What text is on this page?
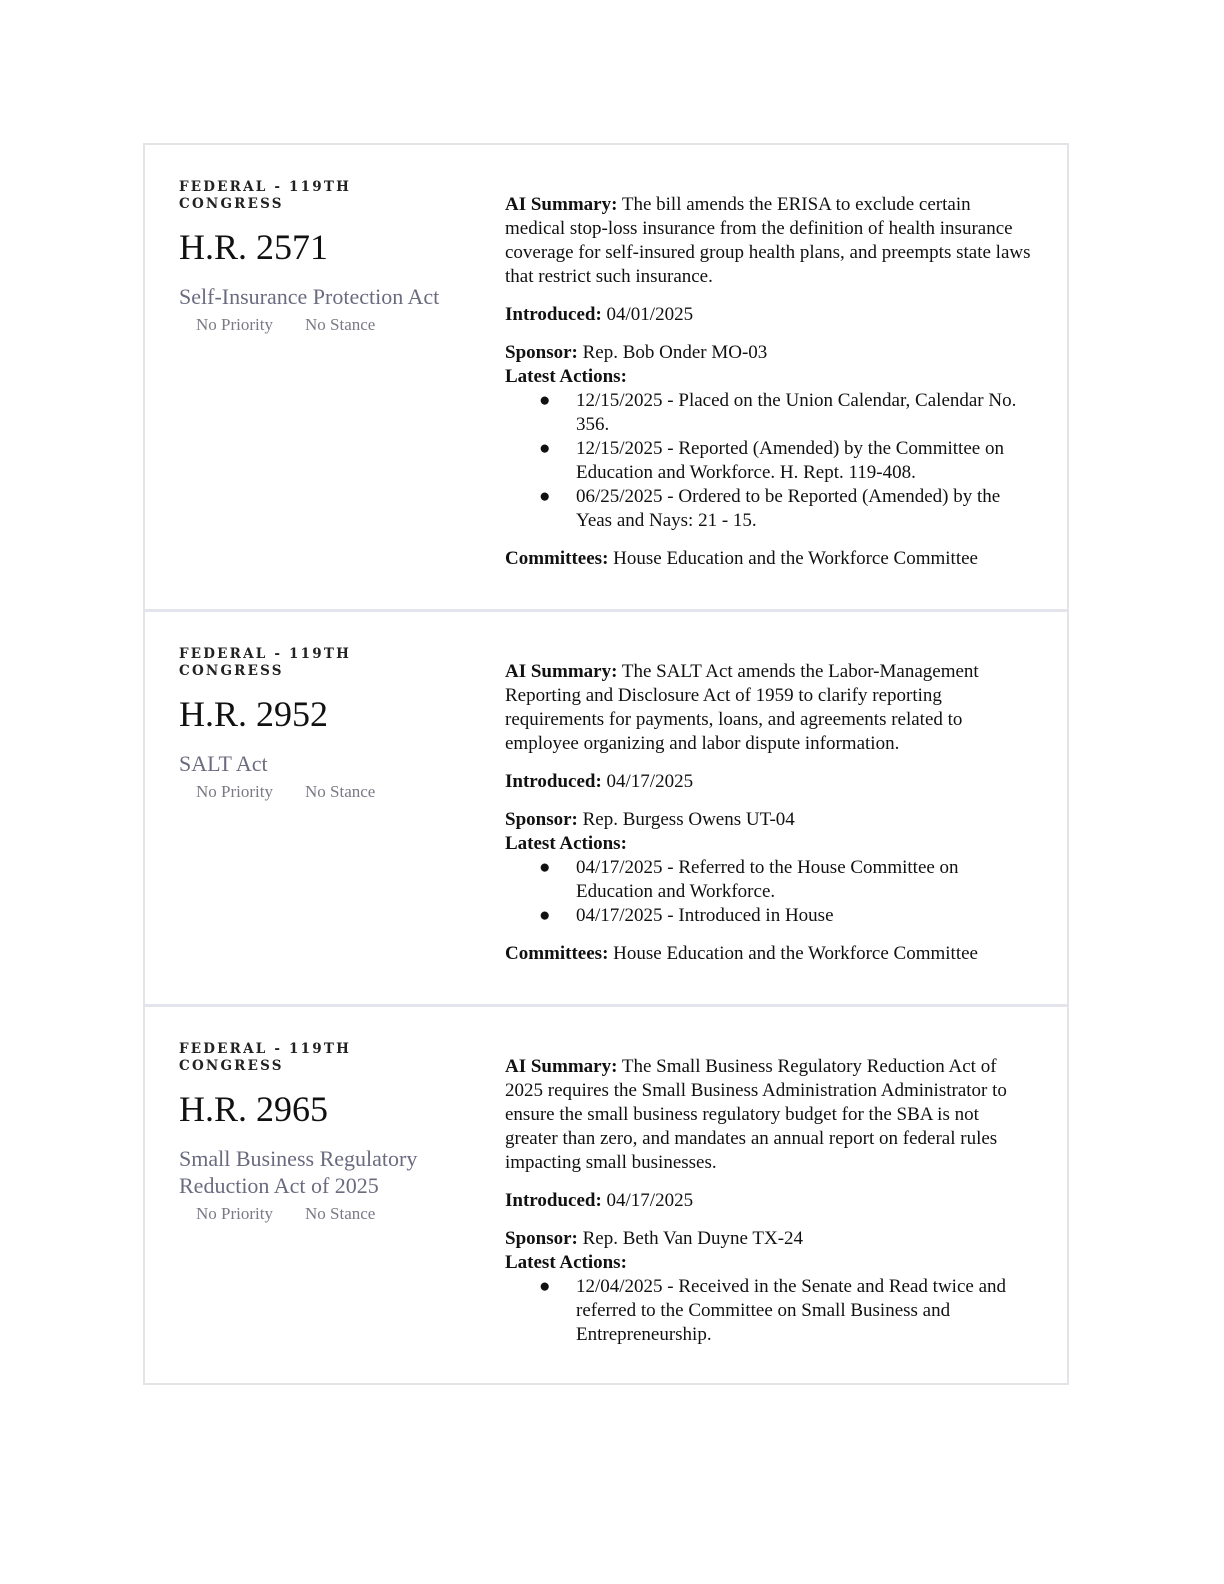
FEDERAL - 119TH CONGRESS
H.R. 2571
Self-Insurance Protection Act
No Priority No Stance

AI Summary: The bill amends the ERISA to exclude certain medical stop-loss insurance from the definition of health insurance coverage for self-insured group health plans, and preempts state laws that restrict such insurance.

Introduced: 04/01/2025

Sponsor: Rep. Bob Onder MO-03

Latest Actions:

● 12/15/2025 - Placed on the Union Calendar, Calendar No. 356.
● 12/15/2025 - Reported (Amended) by the Committee on Education and Workforce. H. Rept. 119-408.
● 06/25/2025 - Ordered to be Reported (Amended) by the Yeas and Nays: 21 - 15.

Committees: House Education and the Workforce Committee

FEDERAL - 119TH CONGRESS
H.R. 2952
SALT Act
No Priority No Stance

AI Summary: The SALT Act amends the Labor-Management Reporting and Disclosure Act of 1959 to clarify reporting requirements for payments, loans, and agreements related to employee organizing and labor dispute information.

Introduced: 04/17/2025

Sponsor: Rep. Burgess Owens UT-04

Latest Actions:

● 04/17/2025 - Referred to the House Committee on Education and Workforce.
● 04/17/2025 - Introduced in House

Committees: House Education and the Workforce Committee

FEDERAL - 119TH CONGRESS
H.R. 2965
Small Business Regulatory Reduction Act of 2025
No Priority No Stance

AI Summary: The Small Business Regulatory Reduction Act of 2025 requires the Small Business Administration Administrator to ensure the small business regulatory budget for the SBA is not greater than zero, and mandates an annual report on federal rules impacting small businesses.

Introduced: 04/17/2025

Sponsor: Rep. Beth Van Duyne TX-24

Latest Actions:

● 12/04/2025 - Received in the Senate and Read twice and referred to the Committee on Small Business and Entrepreneurship.
